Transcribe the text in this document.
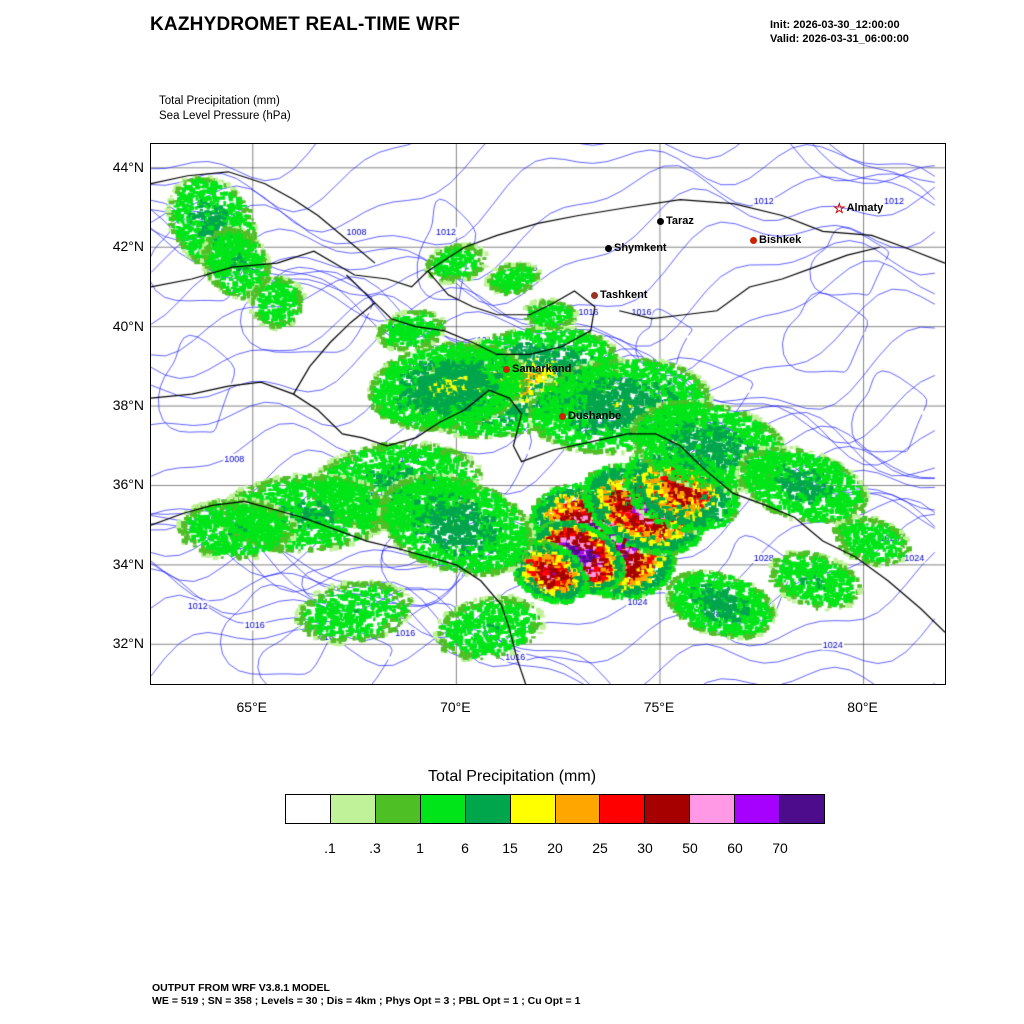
KAZHYDROMET REAL-TIME WRF	Init: 2026-03-30_12:00:00
Valid: 2026-03-31_06:00:00
Total Precipitation (mm)
Sea Level Pressure (hPa)
☆Almaty
Taraz
Bishkek
Shymkent
Tashkent
Samarkand
Dushanbe
32°N
34°N
36°N
38°N
40°N
42°N
44°N
65°E	70°E	75°E	80°E
Total Precipitation (mm)
.1 .3	1	6 15 20 25 30 50 60 70
OUTPUT FROM WRF V3.8.1 MODEL
WE = 519 ; SN = 358 ; Levels = 30 ; Dis = 4km ; Phys Opt = 3 ; PBL Opt = 1 ; Cu Opt = 1
